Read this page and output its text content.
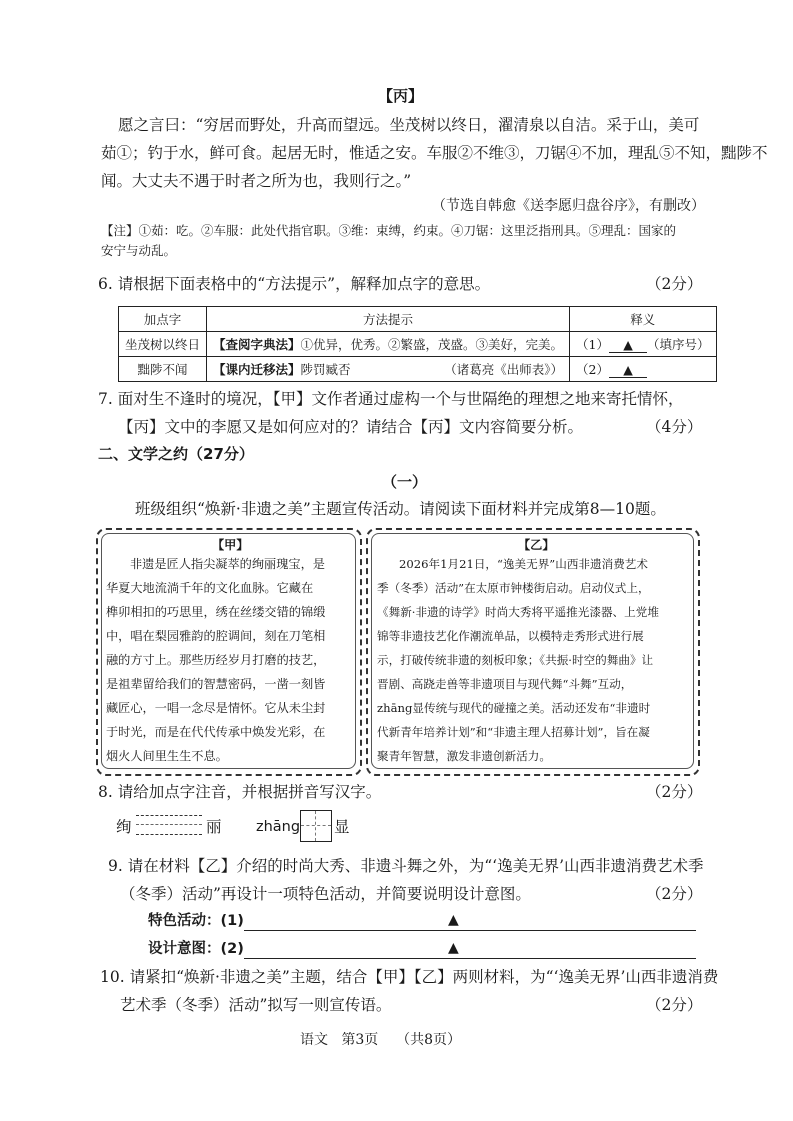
【丙】
愿之言曰：“穷居而野处，升高而望远。坐茂树以终日，濯清泉以自洁。采于山，美可
茹①；钓于水，鲜可食。起居无时，惟适之安。车服②不维③，刀锯④不加，理乱⑤不知，黜陟不
闻。大丈夫不遇于时者之所为也，我则行之。”
（节选自韩愈《送李愿归盘谷序》，有删改）
【注】①茹：吃。②车服：此处代指官职。③维：束缚，约束。④刀锯：这里泛指刑具。⑤理乱：国家的
安宁与动乱。
6. 请根据下面表格中的“方法提示”，解释加点字的意思。	（2分）
加点字	方法提示	释义
坐茂树以终日	【查阅字典法】①优异，优秀。②繁盛，茂盛。③美好，完美。	（1） ▲ （填序号）
黜陟不闻	【课内迁移法】陟罚臧否 （诸葛亮《出师表》）	（2） ▲
7. 面对生不逢时的境况，【甲】文作者通过虚构一个与世隔绝的理想之地来寄托情怀，
【丙】文中的李愿又是如何应对的？请结合【丙】文内容简要分析。	（4分）
二、文学之约（27分）
（一）
班级组织“焕新·非遗之美”主题宣传活动。请阅读下面材料并完成第8—10题。
【甲】
非遗是匠人指尖凝萃的绚丽瑰宝，是
华夏大地流淌千年的文化血脉。它藏在
榫卯相扣的巧思里，绣在丝缕交错的锦缎
中，唱在梨园雅韵的腔调间，刻在刀笔相
融的方寸上。那些历经岁月打磨的技艺，
是祖辈留给我们的智慧密码，一凿一刻皆
藏匠心，一唱一念尽是情怀。它从未尘封
于时光，而是在代代传承中焕发光彩，在
烟火人间里生生不息。
【乙】
2026年1月21日，“逸美无界”山西非遗消费艺术
季（冬季）活动”在太原市钟楼街启动。启动仪式上，
《舞新·非遗的诗学》时尚大秀将平遥推光漆器、上党堆
锦等非遗技艺化作潮流单品，以模特走秀形式进行展
示，打破传统非遗的刻板印象；《共振·时空的舞曲》让
晋剧、高跷走兽等非遗项目与现代舞“斗舞”互动，
zhāng显传统与现代的碰撞之美。活动还发布“非遗时
代新青年培养计划”和“非遗主理人招募计划”，旨在凝
聚青年智慧，激发非遗创新活力。
8. 请给加点字注音，并根据拼音写汉字。	（2分）
绚	丽 zhāng 显
9. 请在材料【乙】介绍的时尚大秀、非遗斗舞之外，为“‘逸美无界’山西非遗消费艺术季
（冬季）活动”再设计一项特色活动，并简要说明设计意图。	（2分）
特色活动：(1)	▲
设计意图：(2)	▲
10. 请紧扣“焕新·非遗之美”主题，结合【甲】【乙】两则材料，为“‘逸美无界’山西非遗消费
艺术季（冬季）活动”拟写一则宣传语。	（2分）
语文 第3页 （共8页）
